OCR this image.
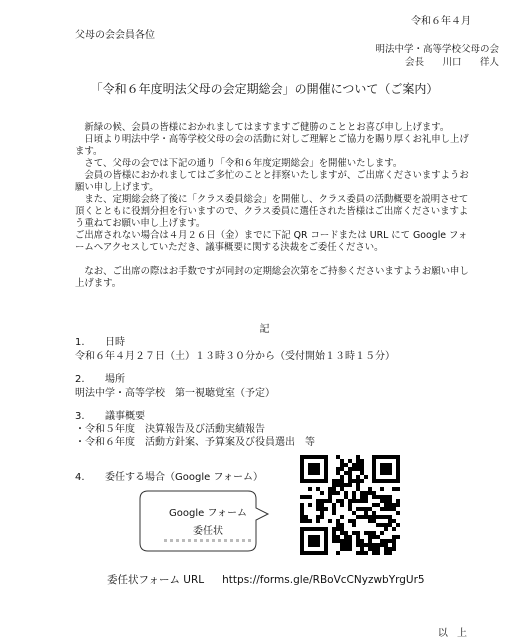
令和６年４月
父母の会会員各位
明法中学・高等学校父母の会
会長　 川口 　徉人
「令和６年度明法父母の会定期総会」の開催について（ご案内）

新緑の候、会員の皆様におかれましてはますますご健勝のこととお喜び申し上げます。

日頃より明法中学・高等学校父母の会の活動に対しご理解とご協力を賜り厚くお礼申し上げます。

さて、父母の会では下記の通り「令和６年度定期総会」を開催いたします。

会員の皆様におかれましてはご多忙のことと拝察いたしますが、ご出席くださいますようお願い申し上げます。

また、定期総会終了後に「クラス委員総会」を開催し、クラス委員の活動概要を説明させて頂くとともに役割分担を行いますので、クラス委員に選任された皆様はご出席くださいますよう重ねてお願い申し上げます。

ご出席されない場合は４月２６日（金）までに下記 QR コードまたは URL にて Google フォームへアクセスしていただき、議事概要に関する決裁をご委任ください。

なお、ご出席の際はお手数ですが同封の定期総会次第をご持参くださいますようお願い申し上げます。

記
1. 日時
令和６年４月２７日（土）１３時３０分から（受付開始１３時１５分）
2. 場所
明法中学・高等学校　第一視聴覚室（予定）
3. 議事概要
・令和５年度　決算報告及び活動実績報告
・令和６年度　活動方針案、予算案及び役員選出　等
4. 委任する場合（Google フォーム）
Google フォーム
委任状
委任状フォーム URL https://forms.gle/RBoVcCNyzwbYrgUr5
以 上
